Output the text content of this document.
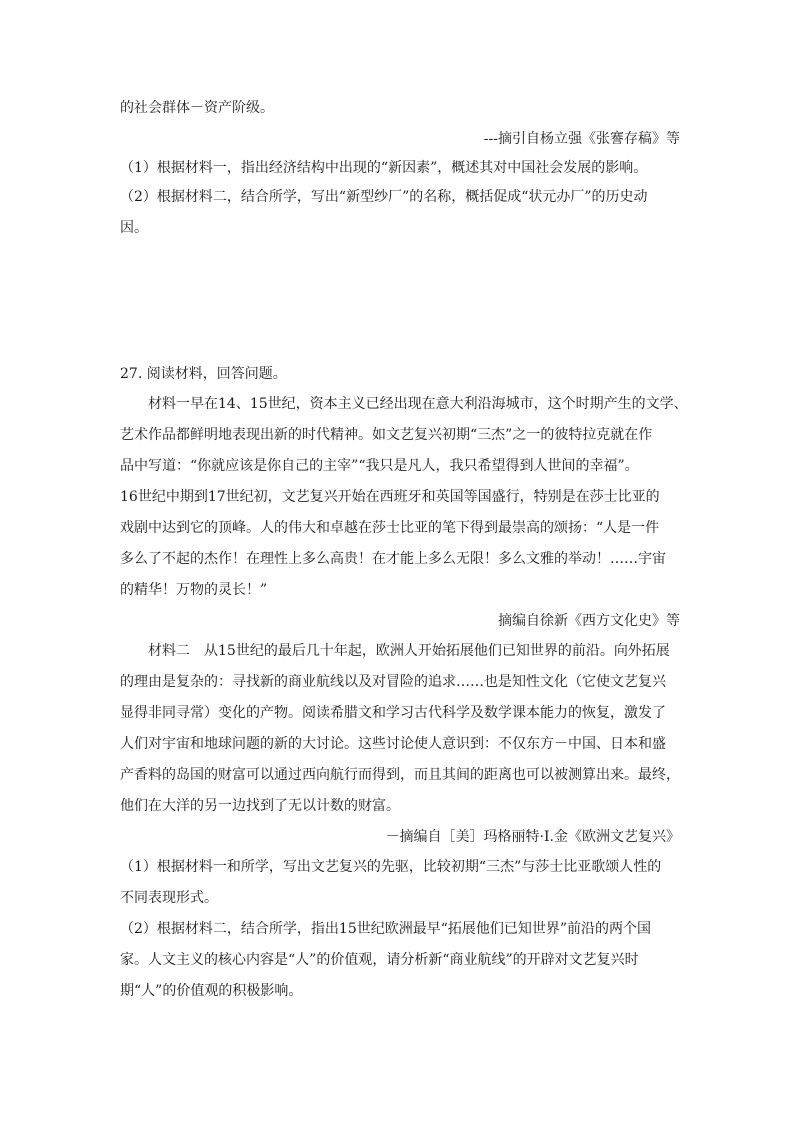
的社会群体－资产阶级。
---摘引自杨立强《张謇存稿》等
（1）根据材料一，指出经济结构中出现的“新因素”，概述其对中国社会发展的影响。
（2）根据材料二，结合所学，写出“新型纱厂”的名称，概括促成“状元办厂”的历史动
因。
27. 阅读材料，回答问题。
材料一早在14、15世纪，资本主义已经出现在意大利沿海城市，这个时期产生的文学、
艺术作品都鲜明地表现出新的时代精神。如文艺复兴初期“三杰”之一的彼特拉克就在作
品中写道：“你就应该是你自己的主宰”“我只是凡人，我只希望得到人世间的幸福”。
16世纪中期到17世纪初，文艺复兴开始在西班牙和英国等国盛行，特别是在莎士比亚的
戏剧中达到它的顶峰。人的伟大和卓越在莎士比亚的笔下得到最崇高的颂扬：“人是一件
多么了不起的杰作！在理性上多么高贵！在才能上多么无限！多么文雅的举动！……宇宙
的精华！万物的灵长！”
摘编自徐新《西方文化史》等
材料二　从15世纪的最后几十年起，欧洲人开始拓展他们已知世界的前沿。向外拓展
的理由是复杂的：寻找新的商业航线以及对冒险的追求……也是知性文化（它使文艺复兴
显得非同寻常）变化的产物。阅读希腊文和学习古代科学及数学课本能力的恢复，激发了
人们对宇宙和地球问题的新的大讨论。这些讨论使人意识到：不仅东方－中国、日本和盛
产香料的岛国的财富可以通过西向航行而得到，而且其间的距离也可以被测算出来。最终，
他们在大洋的另一边找到了无以计数的财富。
－摘编自［美］玛格丽特·I.金《欧洲文艺复兴》
（1）根据材料一和所学，写出文艺复兴的先驱，比较初期“三杰”与莎士比亚歌颂人性的
不同表现形式。
（2）根据材料二，结合所学，指出15世纪欧洲最早“拓展他们已知世界”前沿的两个国
家。人文主义的核心内容是“人”的价值观，请分析新“商业航线”的开辟对文艺复兴时
期“人”的价值观的积极影响。
